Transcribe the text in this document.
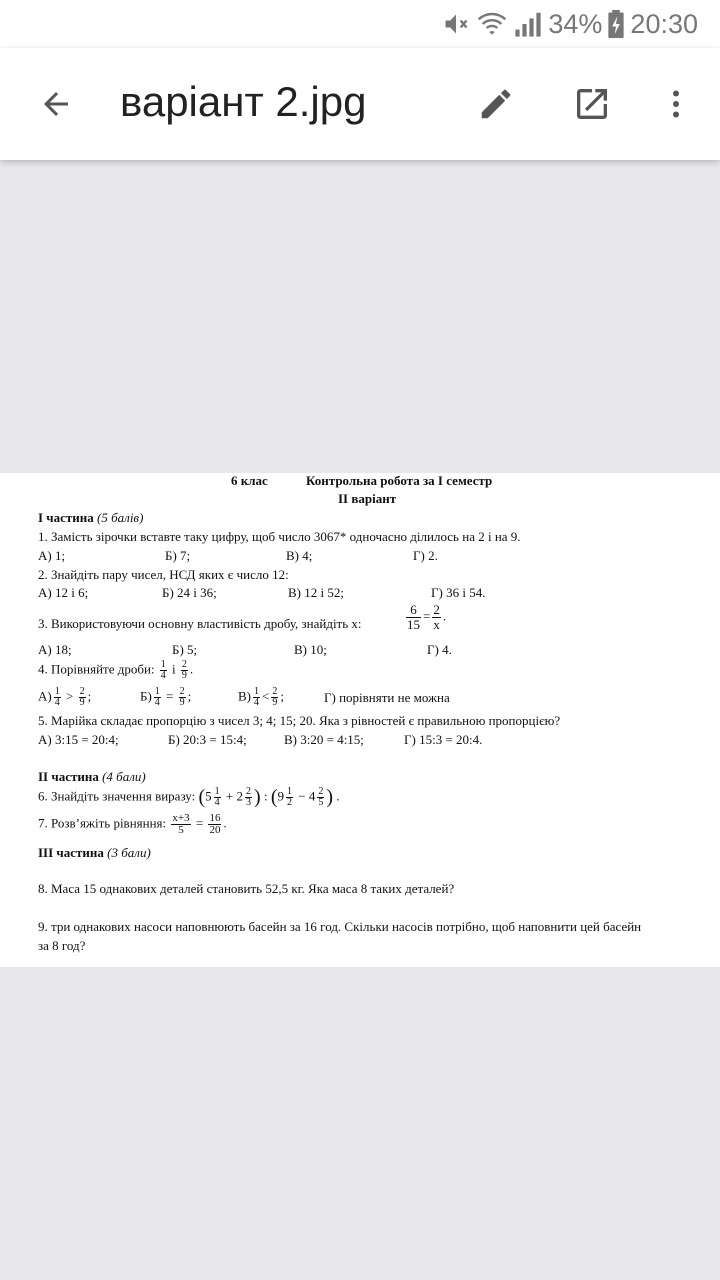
34% 20:30
варіант 2.jpg
6 клас	Контрольна робота за I семестр
II варіант
I частина (5 балів)
1. Замість зірочки вставте таку цифру, щоб число 3067* одночасно ділилось на 2 і на 9.
А) 1;	Б) 7;	В) 4;	Г) 2.
2. Знайдіть пару чисел, НСД яких є число 12:
А) 12 і 6;	Б) 24 і 36;	В) 12 і 52;	Г) 36 і 54.
3. Використовуючи основну властивість дробу, знайдіть х:	$\frac{6}{15} = \frac{2}{x}$ .
А) 18;	Б) 5;	В) 10;	Г) 4.
4. Порівняйте дроби: $\frac{1}{4}$ і $\frac{2}{9}$ .
$А) \frac{1}{4} > \frac{2}{9}$ ;	$Б) \frac{1}{4} = \frac{2}{9}$ ;	$В) \frac{1}{4} < \frac{2}{9}$ ;	Г) порівняти не можна
5. Марійка складає пропорцію з чисел 3; 4; 15; 20. Яка з рівностей є правильною пропорцією?
А) 3:15 = 20:4;	Б) 20:3 = 15:4;	В) 3:20 = 4:15;	Г) 15:3 = 20:4.
II частина (4 бали)
6. Знайдіть значення виразу: ($5 \frac{1}{4} + 2 \frac{2}{3}$ ) : ($9 \frac{1}{2} - 4 \frac{2}{5}$ ) .
7. Розв’яжіть рівняння: $\frac{x+3}{5} = \frac{16}{20}$ .
III частина (3 бали)
8. Маса 15 однакових деталей становить 52,5 кг. Яка маса 8 таких деталей?
9. три однакових насоси наповнюють басейн за 16 год. Скільки насосів потрібно, щоб наповнити цей басейн
за 8 год?
